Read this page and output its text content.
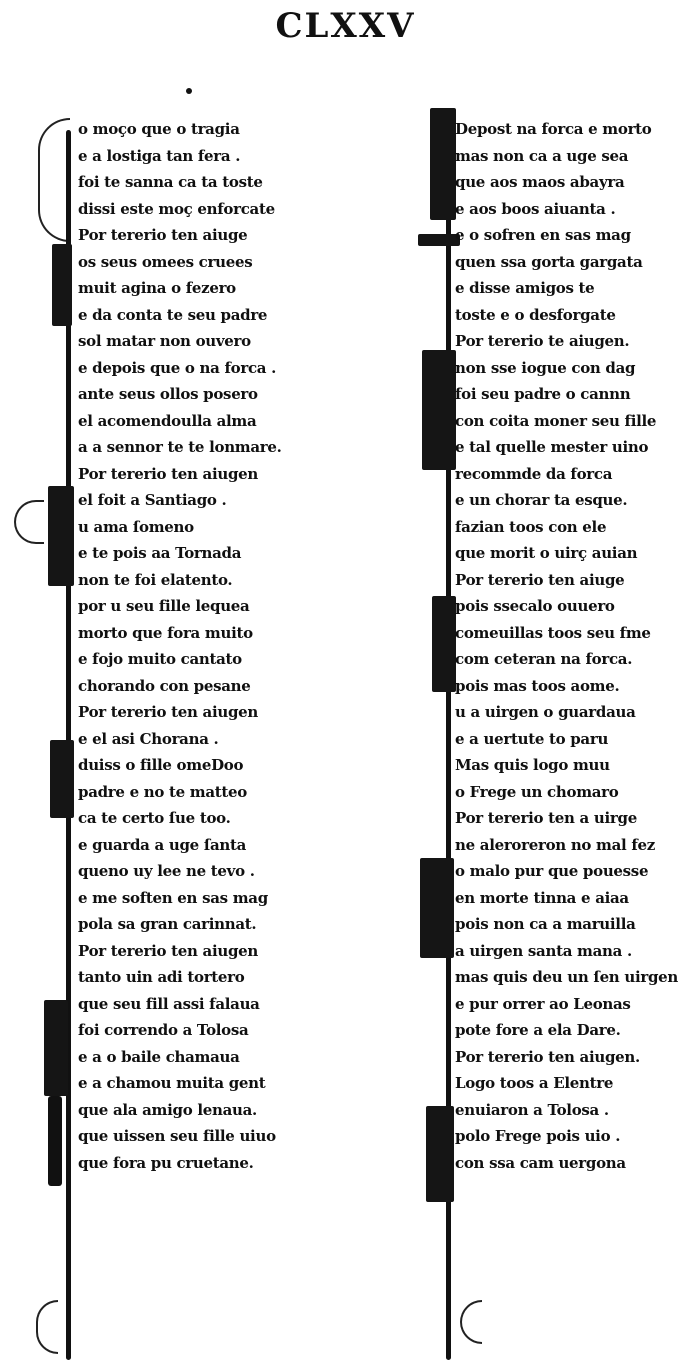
CLXXV
o moço que o tragia
e a lostiga tan fera .
foi te sanna ca ta toste
dissi este moç enforcate
Por tererio ten aiuge
os seus omees cruees
muit agina o fezero
e da conta te seu padre
sol matar non ouvero
e depois que o na forca .
ante seus ollos posero
el acomendoulla alma
a a sennor te te lonmare.
Por tererio ten aiugen
el foit a Santiago .
u ama ſomeno
e te pois aa Tornada
non te foi elatento.
por u seu fille lequea
morto que fora muito
e fojo muito cantato
chorando con pesane
Por tererio ten aiugen
e el asi Chorana .
duiss o fille omeDoo
padre e no te matteo
ca te certo ſue too.
e guarda a uge ſanta
queno uy lee ne tevo .
e me soften en sas mag
pola sa gran carinnat.
Por tererio ten aiugen
tanto uin adi tortero
que seu fill assi falaua
foi correndo a Tolosa
e a o baile chamaua
e a chamou muita gent
que ala amigo lenaua.
que uissen seu fille uiuo
que fora pu cruetane.
Depost na forca e morto
mas non ca a uge sea
que aos maos abayra
e aos boos aiuanta .
e o sofren en sas mag
quen ssa gorta gargata
e disse amigos te
toste e o desforgate
Por tererio te aiugen.
non sse iogue con dag
foi seu padre o cannn
con coita moner seu fille
e tal quelle mester uino
recommde da forca
e un chorar ta esque.
fazian toos con ele
que morit o uirç auian
Por tererio ten aiuge
pois ssecalo ouuero
comeuillas toos seu fme
com ceteran na forca.
pois mas toos aome.
u a uirgen o guardaua
e a uertute to paru
Mas quis logo muu
o Frege un chomaro
Por tererio ten a uirge
ne aleroreron no mal fez
o malo pur que pouesse
en morte tinna e aiaa
pois non ca a maruilla
a uirgen santa mana .
mas quis deu un ſen uirgen
e pur orrer ao Leonas
pote fore a ela Dare.
Por tererio ten aiugen.
Logo toos a Elentre
enuiaron a Tolosa .
polo Frege pois uio .
con ssa cam uergona
